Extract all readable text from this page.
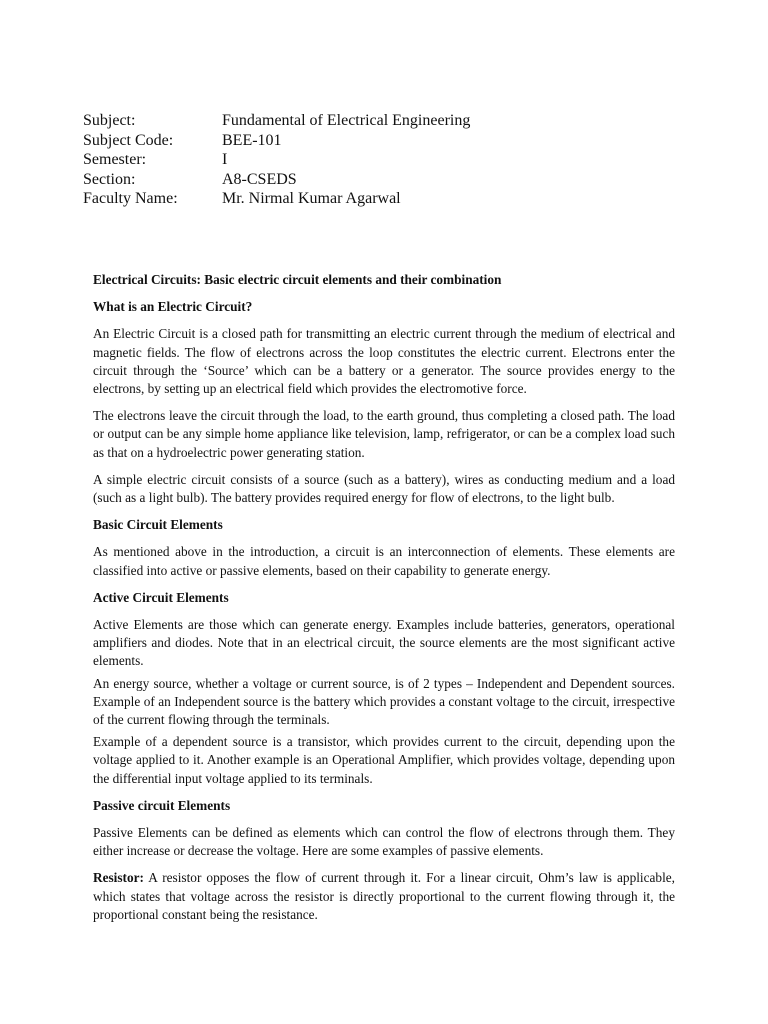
Subject:	Fundamental of Electrical Engineering
Subject Code:	BEE-101
Semester:	I
Section:	A8-CSEDS
Faculty Name:	Mr. Nirmal Kumar Agarwal

Electrical Circuits: Basic electric circuit elements and their combination

What is an Electric Circuit?

An Electric Circuit is a closed path for transmitting an electric current through the medium of electrical and magnetic fields. The flow of electrons across the loop constitutes the electric current. Electrons enter the circuit through the ‘Source’ which can be a battery or a generator. The source provides energy to the electrons, by setting up an electrical field which provides the electromotive force.

The electrons leave the circuit through the load, to the earth ground, thus completing a closed path. The load or output can be any simple home appliance like television, lamp, refrigerator, or can be a complex load such as that on a hydroelectric power generating station.

A simple electric circuit consists of a source (such as a battery), wires as conducting medium and a load (such as a light bulb). The battery provides required energy for flow of electrons, to the light bulb.

Basic Circuit Elements

As mentioned above in the introduction, a circuit is an interconnection of elements. These elements are classified into active or passive elements, based on their capability to generate energy.

Active Circuit Elements

Active Elements are those which can generate energy. Examples include batteries, generators, operational amplifiers and diodes. Note that in an electrical circuit, the source elements are the most significant active elements.

An energy source, whether a voltage or current source, is of 2 types – Independent and Dependent sources. Example of an Independent source is the battery which provides a constant voltage to the circuit, irrespective of the current flowing through the terminals.

Example of a dependent source is a transistor, which provides current to the circuit, depending upon the voltage applied to it. Another example is an Operational Amplifier, which provides voltage, depending upon the differential input voltage applied to its terminals.

Passive circuit Elements

Passive Elements can be defined as elements which can control the flow of electrons through them. They either increase or decrease the voltage. Here are some examples of passive elements.

Resistor: A resistor opposes the flow of current through it. For a linear circuit, Ohm’s law is applicable, which states that voltage across the resistor is directly proportional to the current flowing through it, the proportional constant being the resistance.
